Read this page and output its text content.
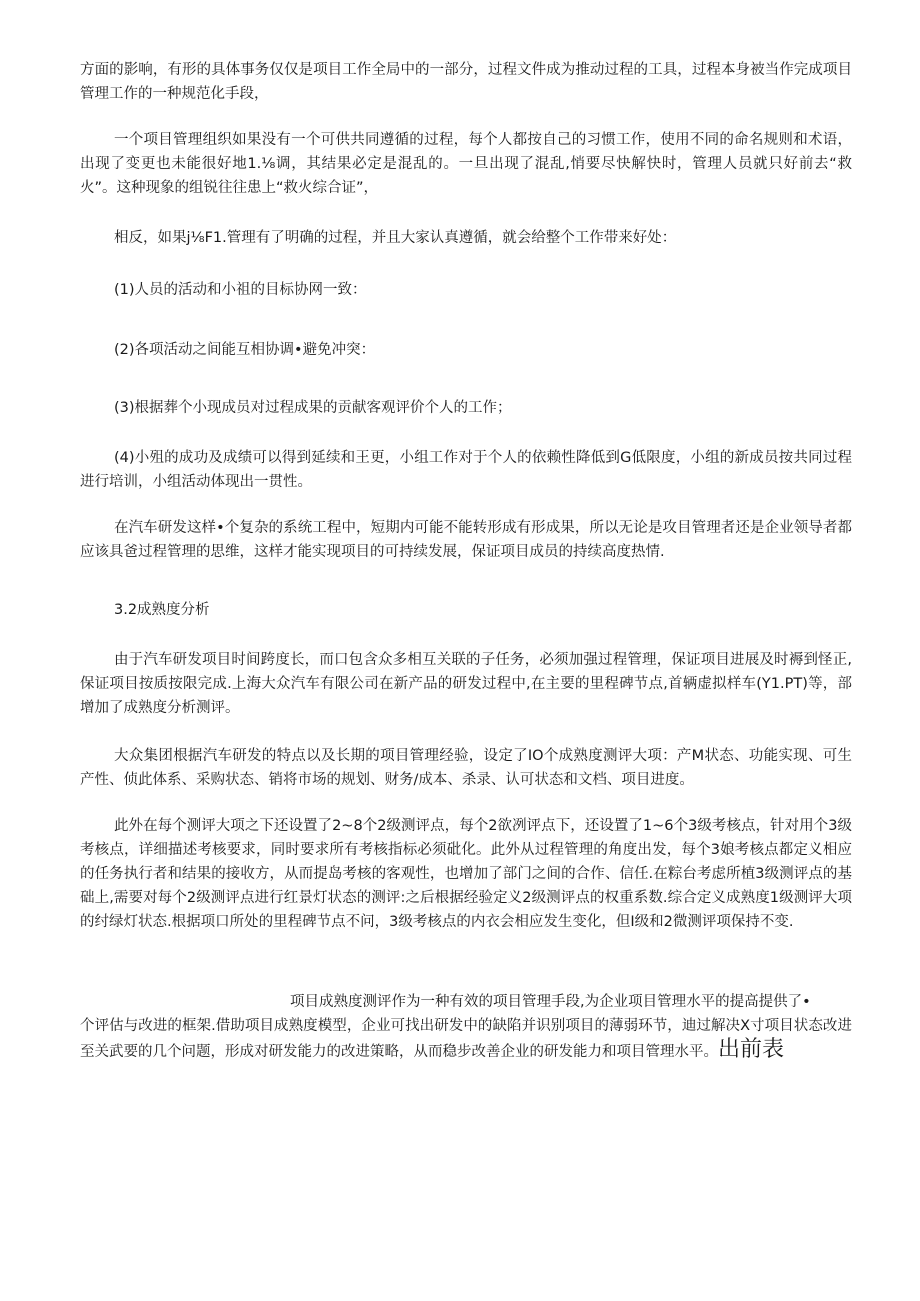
方面的影响，有形的具体事务仅仅是项目工作全局中的一部分，过程文件成为推动过程的工具，过程本身被当作完成项目管理工作的一种规范化手段，

一个项目管理组织如果没有一个可供共同遵循的过程，每个人都按自己的习惯工作，使用不同的命名规则和术语，出现了变更也未能很好地1.⅛调，其结果必定是混乱的。一旦出现了混乱,悄要尽快解快时，管理人员就只好前去“救火”。这种现象的组锐往往患上“救火综合证”，

相反，如果j⅛F1.管理有了明确的过程，并且大家认真遵循，就会给整个工作带来好处：

(1)人员的活动和小祖的目标协网一致：

(2)各项活动之间能互相协调•避免冲突：

(3)根据葬个小现成员对过程成果的贡献客观评价个人的工作；

(4)小殂的成功及成绩可以得到延续和王更，小组工作对于个人的依赖性降低到G低限度，小组的新成员按共同过程进行培训，小组活动体现出一贯性。

在汽车研发这样•个复杂的系统工程中，短期内可能不能转形成有形成果，所以无论是攻目管理者还是企业领导者都应该具爸过程管理的思维，这样才能实现项目的可持续发展，保证项目成员的持续高度热情.

3.2成熟度分析

由于汽车研发项目时间跨度长，而口包含众多相互关联的子任务，必须加强过程管理，保证项目进展及时褥到怪正,保证项目按质按限完成.上海大众汽车有限公司在新产品的研发过程中,在主要的里程碑节点,首辆虚拟样车(Y1.PT)等，部增加了成熟度分析测评。

大众集团根据汽车研发的特点以及长期的项目管理经验，设定了IO个成熟度测评大项：产M状态、功能实现、可生产性、侦此体系、采购状态、销将市场的规划、财务/成本、杀录、认可状态和文档、项目进度。

此外在每个测评大项之下还设置了2~8个2级测评点，每个2欲冽评点下，还设置了1~6个3级考核点，针对用个3级考核点，详细描述考核要求，同时要求所有考核指标必须砒化。此外从过程管理的角度出发，每个3娘考核点都定义相应的任务执行者和结果的接收方，从而提岛考核的客观性，也增加了部门之间的合作、信任.在粽台考虑所植3级测评点的基础上,需要对每个2级测评点进行红景灯状态的测评:之后根据经验定义2级测评点的权重系数.综合定义成熟度1级测评大项的纣绿灯状态.根据项口所处的里程碑节点不问，3级考核点的内衣会相应发生变化，但I级和2微测评项保持不变.

项目成熟度测评作为一种有效的项目管理手段,为企业项目管理水平的提高提供了•

个评估与改进的框架.借助项目成熟度模型，企业可找出研发中的缺陷并识别项目的薄弱环节，迪过解决X寸项目状态改进至关武要的几个问题，形成对研发能力的改进策略，从而稳步改善企业的研发能力和项目管理水平。出前表
